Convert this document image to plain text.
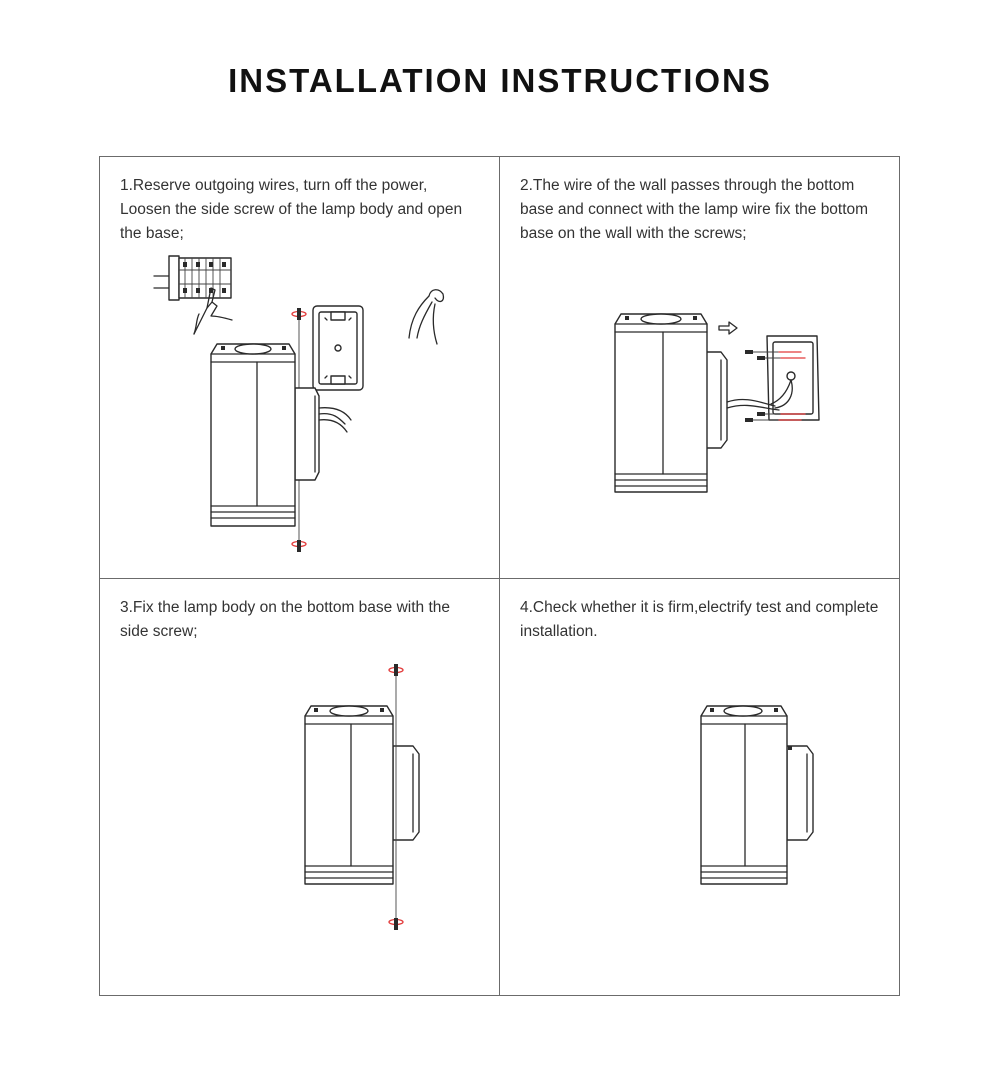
INSTALLATION INSTRUCTIONS

1.Reserve outgoing wires, turn off the power, Loosen the side screw of the lamp body and open the base;

2.The wire of the wall passes through the bottom base and connect with the lamp wire fix the bottom base on the wall with the screws;

3.Fix the lamp body on the bottom base with the side screw;

4.Check whether it is firm,electrify test and complete installation.
